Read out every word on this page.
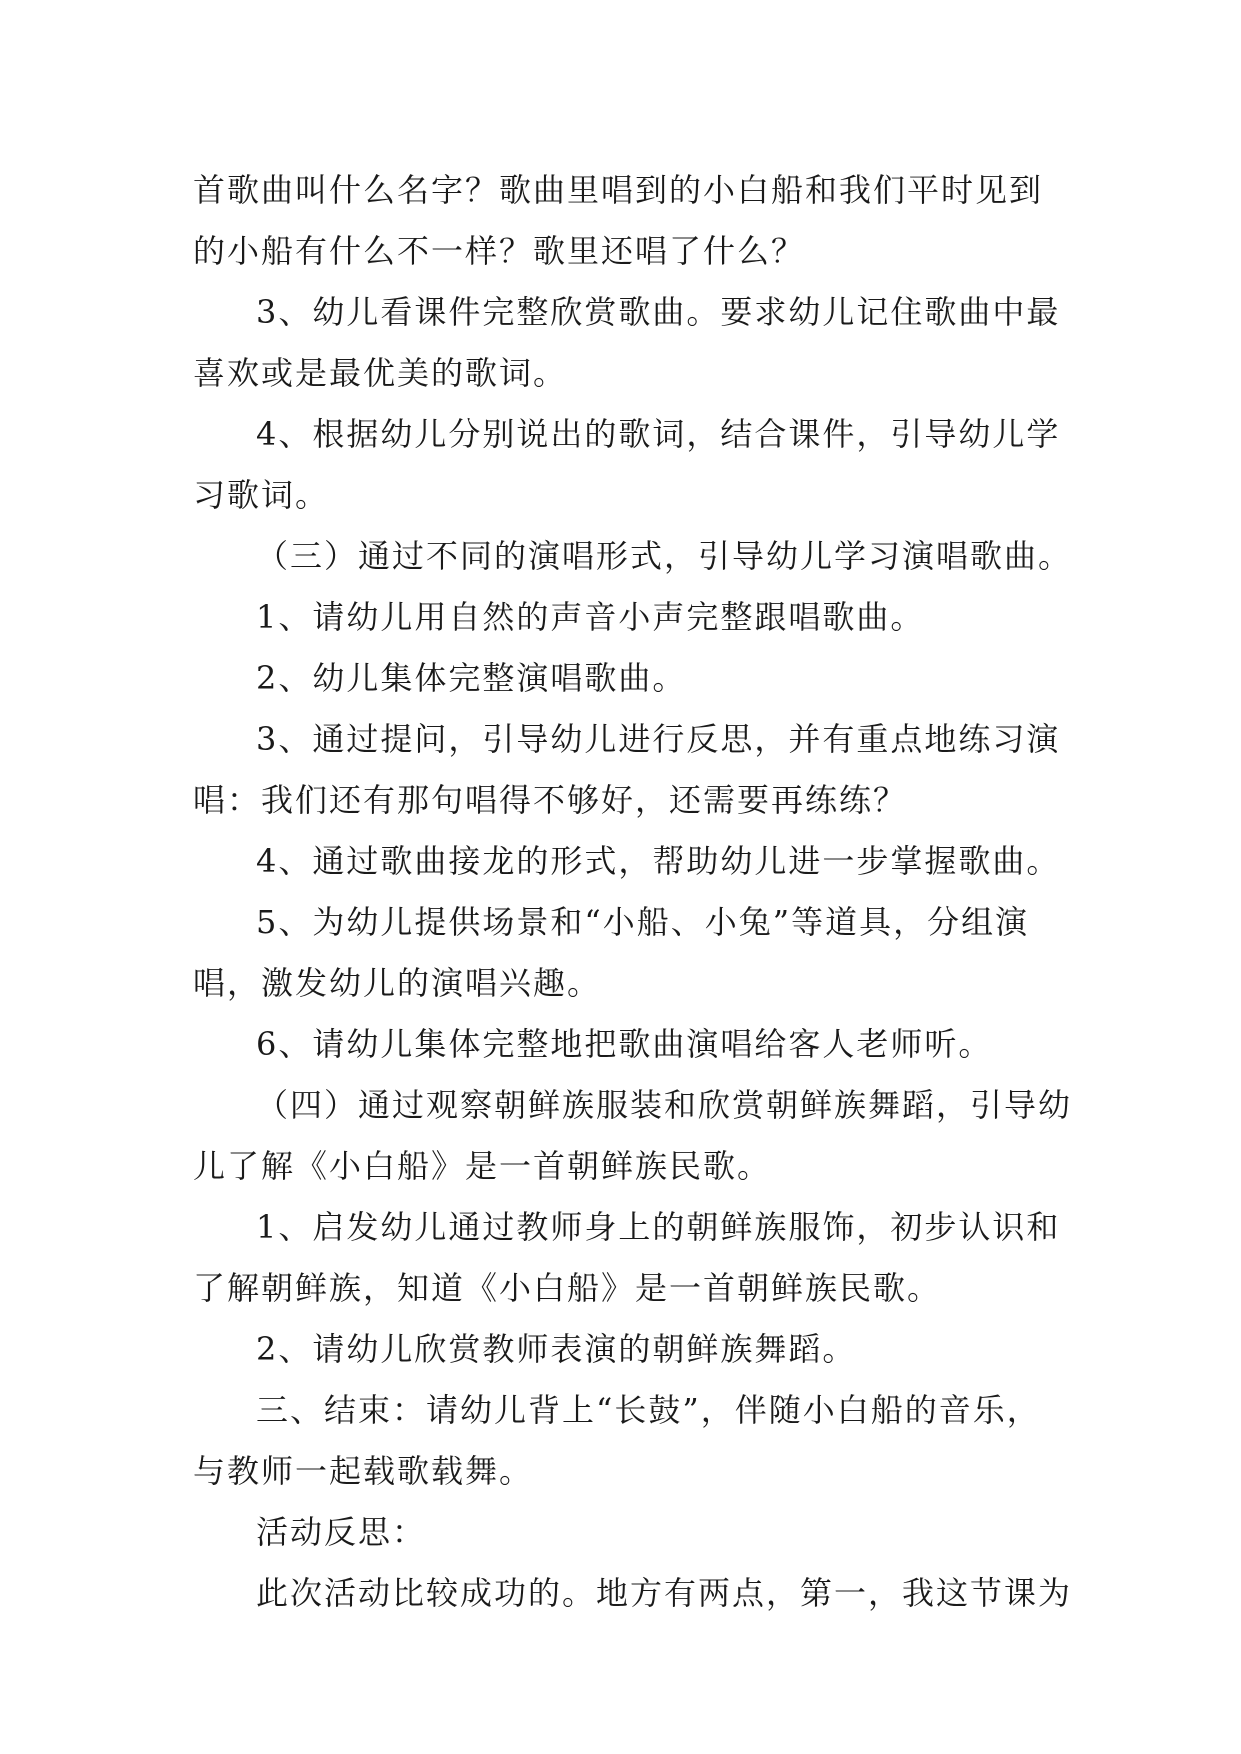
首歌曲叫什么名字？歌曲里唱到的小白船和我们平时见到

的小船有什么不一样？歌里还唱了什么？

3、幼儿看课件完整欣赏歌曲。要求幼儿记住歌曲中最

喜欢或是最优美的歌词。

4、根据幼儿分别说出的歌词，结合课件，引导幼儿学

习歌词。

（三）通过不同的演唱形式，引导幼儿学习演唱歌曲。

1、请幼儿用自然的声音小声完整跟唱歌曲。

2、幼儿集体完整演唱歌曲。

3、通过提问，引导幼儿进行反思，并有重点地练习演

唱：我们还有那句唱得不够好，还需要再练练？

4、通过歌曲接龙的形式，帮助幼儿进一步掌握歌曲。

5、为幼儿提供场景和“小船、小兔”等道具，分组演

唱，激发幼儿的演唱兴趣。

6、请幼儿集体完整地把歌曲演唱给客人老师听。

（四）通过观察朝鲜族服装和欣赏朝鲜族舞蹈，引导幼

儿了解《小白船》是一首朝鲜族民歌。

1、启发幼儿通过教师身上的朝鲜族服饰，初步认识和

了解朝鲜族，知道《小白船》是一首朝鲜族民歌。

2、请幼儿欣赏教师表演的朝鲜族舞蹈。

三、结束：请幼儿背上“长鼓”，伴随小白船的音乐，

与教师一起载歌载舞。

活动反思：

此次活动比较成功的。地方有两点，第一，我这节课为
